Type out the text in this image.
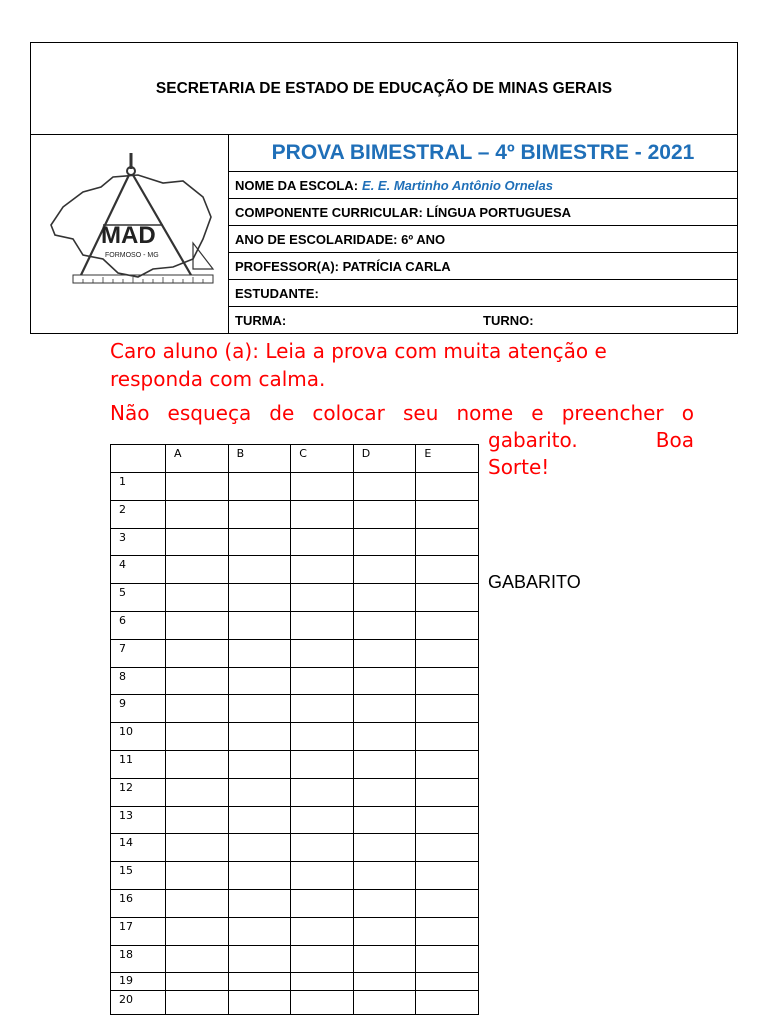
SECRETARIA DE ESTADO DE EDUCAÇÃO DE MINAS GERAIS
MAD
FORMOSO - MG
PROVA BIMESTRAL – 4º BIMESTRE - 2021
NOME DA ESCOLA: E. E. Martinho Antônio Ornelas
COMPONENTE CURRICULAR: LÍNGUA PORTUGUESA
ANO DE ESCOLARIDADE: 6º ANO
PROFESSOR(A): PATRÍCIA CARLA
ESTUDANTE:
TURMA:	TURNO:
Caro aluno (a): Leia a prova com muita atenção e responda com calma.
Não esqueça de colocar seu nome e preencher o
gabarito.	Boa
Sorte!
GABARITO
	A	B	C	D	E
1					
2					
3					
4					
5					
6					
7					
8					
9					
10					
11					
12					
13					
14					
15					
16					
17					
18					
19					
20					
